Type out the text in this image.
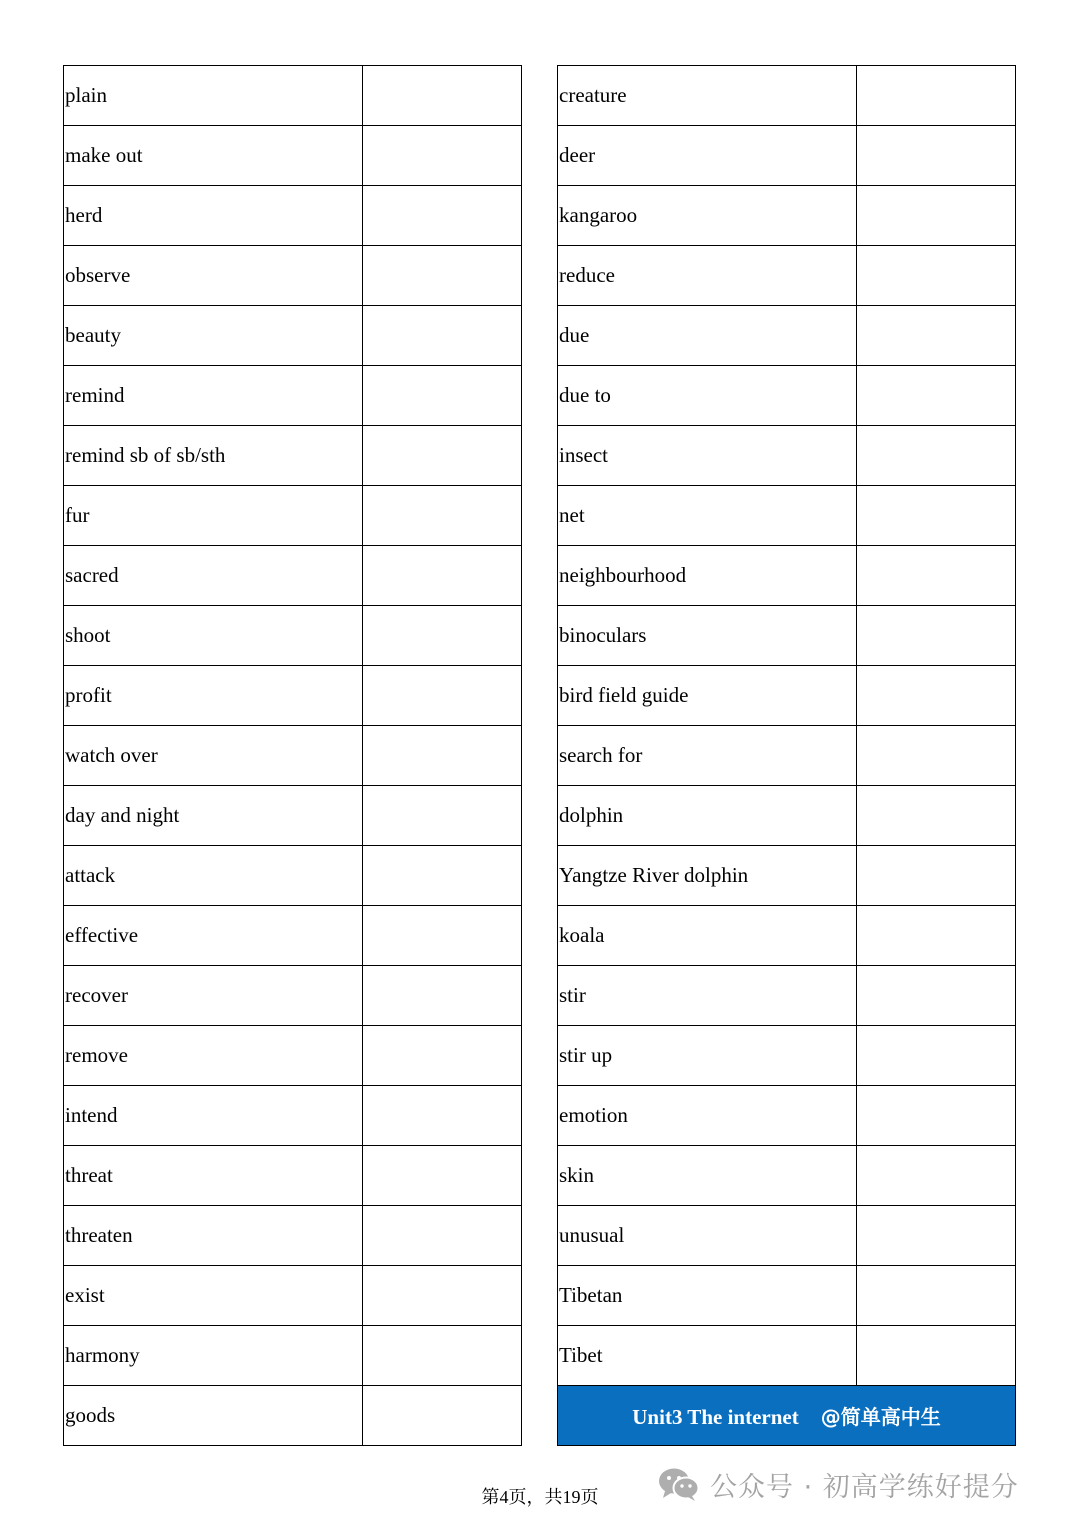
plain	
make out	
herd	
observe	
beauty	
remind	
remind sb of sb/sth	
fur	
sacred	
shoot	
profit	
watch over	
day and night	
attack	
effective	
recover	
remove	
intend	
threat	
threaten	
exist	
harmony	
goods	
creature	
deer	
kangaroo	
reduce	
due	
due to	
insect	
net	
neighbourhood	
binoculars	
bird field guide	
search for	
dolphin	
Yangtze River dolphin	
koala	
stir	
stir up	
emotion	
skin	
unusual	
Tibetan	
Tibet	
Unit3 The internet @简单高中生	
第4页，共19页	公众号 · 初高学练好提分
